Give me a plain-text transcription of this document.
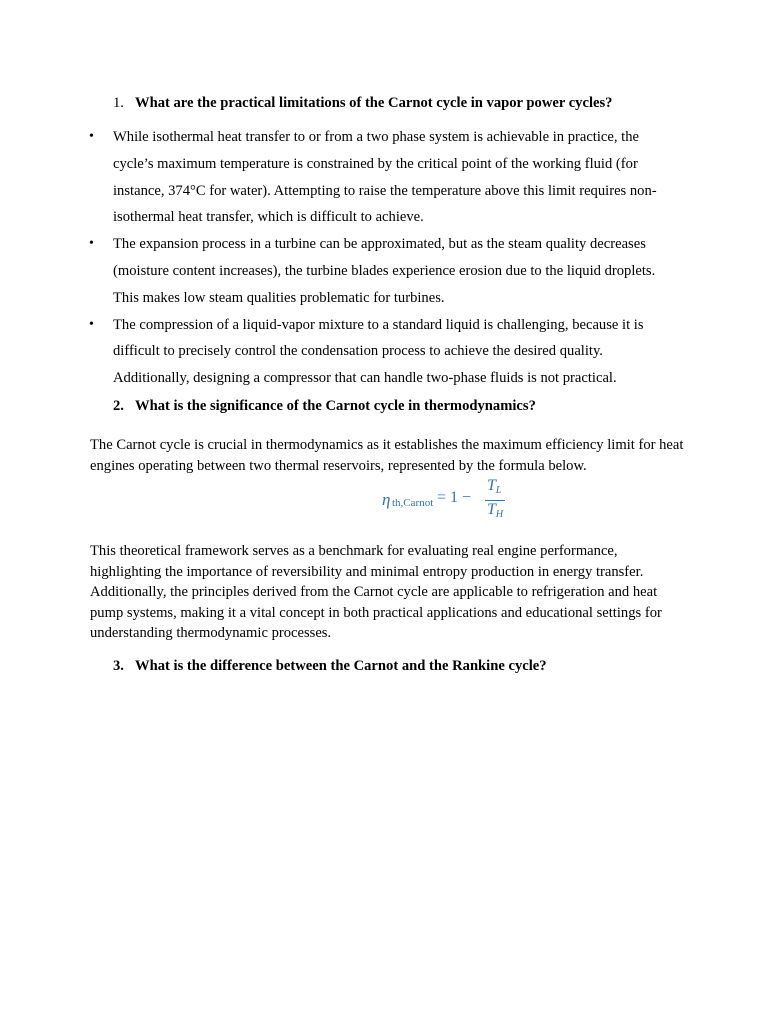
1. What are the practical limitations of the Carnot cycle in vapor power cycles?
• While isothermal heat transfer to or from a two phase system is achievable in practice, the
cycle’s maximum temperature is constrained by the critical point of the working fluid (for
instance, 374°C for water). Attempting to raise the temperature above this limit requires non-
isothermal heat transfer, which is difficult to achieve.
• The expansion process in a turbine can be approximated, but as the steam quality decreases
(moisture content increases), the turbine blades experience erosion due to the liquid droplets.
This makes low steam qualities problematic for turbines.
• The compression of a liquid-vapor mixture to a standard liquid is challenging, because it is
difficult to precisely control the condensation process to achieve the desired quality.
Additionally, designing a compressor that can handle two-phase fluids is not practical.
2. What is the significance of the Carnot cycle in thermodynamics?

The Carnot cycle is crucial in thermodynamics as it establishes the maximum efficiency limit for heat engines operating between two thermal reservoirs, represented by the formula below.

η th,Carnot = 1 −
$T_L$
$T_H$

This theoretical framework serves as a benchmark for evaluating real engine performance, highlighting the importance of reversibility and minimal entropy production in energy transfer. Additionally, the principles derived from the Carnot cycle are applicable to refrigeration and heat pump systems, making it a vital concept in both practical applications and educational settings for understanding thermodynamic processes.

3. What is the difference between the Carnot and the Rankine cycle?
